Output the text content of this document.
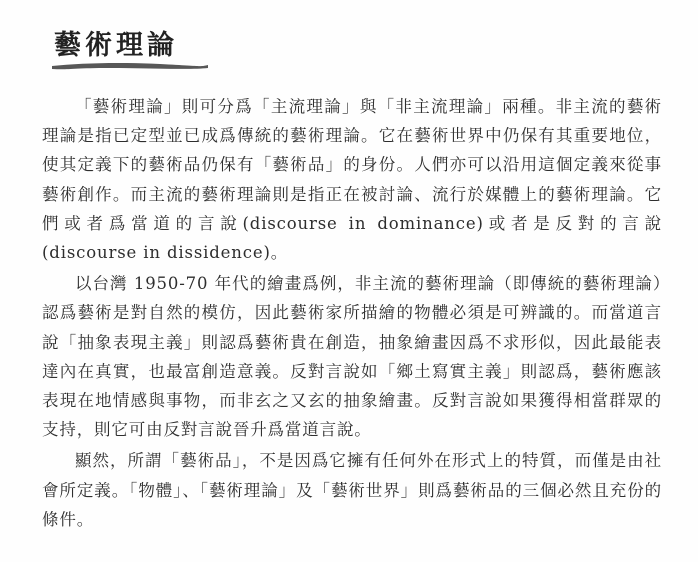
藝術理論

「藝術理論」則可分爲「主流理論」與「非主流理論」兩種。非主流的藝術理論是指已定型並已成爲傳統的藝術理論。它在藝術世界中仍保有其重要地位，使其定義下的藝術品仍保有「藝術品」的身份。人們亦可以沿用這個定義來從事藝術創作。而主流的藝術理論則是指正在被討論、流行於媒體上的藝術理論。它們或者爲當道的言說(discourse in dominance)或者是反對的言說(discourse in dissidence)。

以台灣 1950-70 年代的繪畫爲例，非主流的藝術理論（即傳統的藝術理論）認爲藝術是對自然的模仿，因此藝術家所描繪的物體必須是可辨識的。而當道言說「抽象表現主義」則認爲藝術貴在創造，抽象繪畫因爲不求形似，因此最能表達內在真實，也最富創造意義。反對言說如「鄉土寫實主義」則認爲，藝術應該表現在地情感與事物，而非玄之又玄的抽象繪畫。反對言說如果獲得相當群眾的支持，則它可由反對言說晉升爲當道言說。

顯然，所謂「藝術品」，不是因爲它擁有任何外在形式上的特質，而僅是由社會所定義。「物體」、「藝術理論」及「藝術世界」則爲藝術品的三個必然且充份的條件。
